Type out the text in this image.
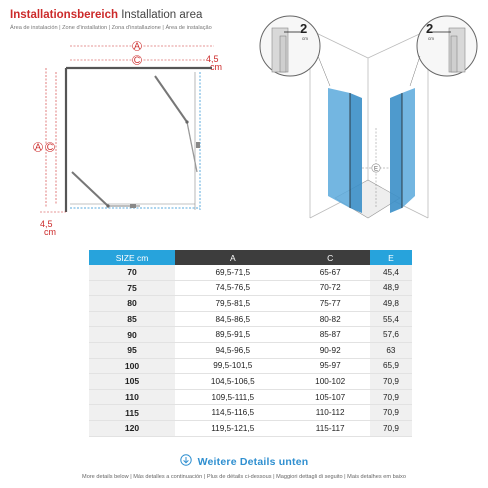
Installationsbereich Installation area
Área de instalación | Zone d'installation | Zona d'installazione | Área de instalação
A
C	4,5
cm
A C
4,5
cm
E
2
cm
2
cm
SIZE cm	A	C	E
70	69,5-71,5	65-67	45,4
75	74,5-76,5	70-72	48,9
80	79,5-81,5	75-77	49,8
85	84,5-86,5	80-82	55,4
90	89,5-91,5	85-87	57,6
95	94,5-96,5	90-92	63
100	99,5-101,5	95-97	65,9
105	104,5-106,5	100-102	70,9
110	109,5-111,5	105-107	70,9
115	114,5-116,5	110-112	70,9
120	119,5-121,5	115-117	70,9
Weitere Details unten
More details below | Más detalles a continuación | Plus de détails ci-dessous | Maggiori dettagli di seguito | Mais detalhes em baixo
